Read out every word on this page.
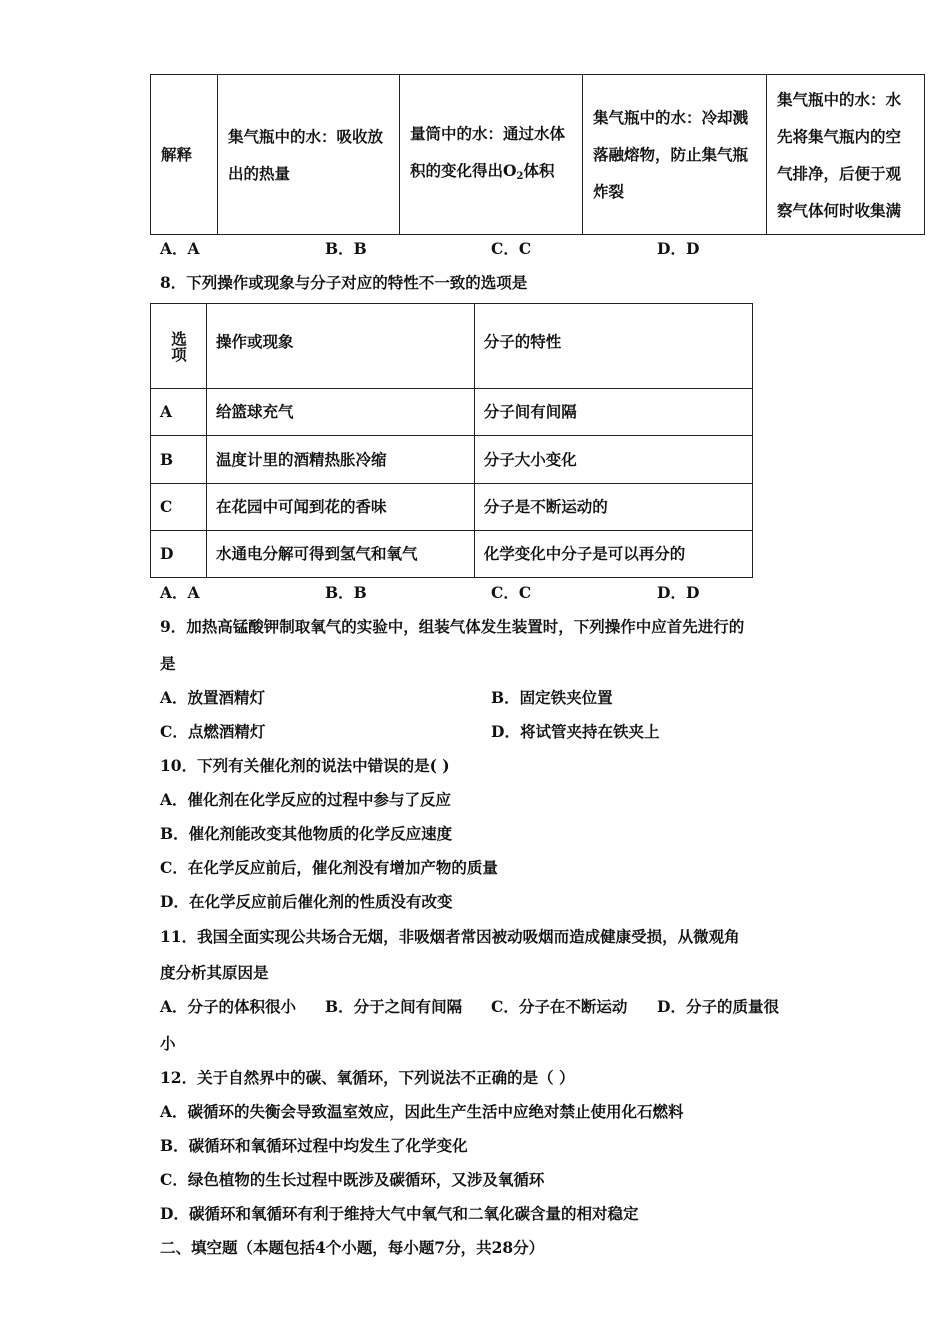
解释	集气瓶中的水：吸收放出的热量	量筒中的水：通过水体积的变化得出$O_2$体积	集气瓶中的水：冷却溅落融熔物，防止集气瓶炸裂	集气瓶中的水：水先将集气瓶内的空气排净，后便于观察气体何时收集满
A．A	B．B	C．C	D．D
8．下列操作或现象与分子对应的特性不一致的选项是
选项	操作或现象	分子的特性
A	给篮球充气	分子间有间隔
B	温度计里的酒精热胀冷缩	分子大小变化
C	在花园中可闻到花的香味	分子是不断运动的
D	水通电分解可得到氢气和氧气	化学变化中分子是可以再分的
A．A	B．B	C．C	D．D
9．加热高锰酸钾制取氧气的实验中，组装气体发生装置时，下列操作中应首先进行的
是
A．放置酒精灯	B．固定铁夹位置
C．点燃酒精灯	D．将试管夹持在铁夹上
10．下列有关催化剂的说法中错误的是( )
A．催化剂在化学反应的过程中参与了反应
B．催化剂能改变其他物质的化学反应速度
C．在化学反应前后，催化剂没有增加产物的质量
D．在化学反应前后催化剂的性质没有改变
11．我国全面实现公共场合无烟，非吸烟者常因被动吸烟而造成健康受损，从微观角
度分析其原因是
A．分子的体积很小 B．分于之间有间隔 C．分子在不断运动 D．分子的质量很
小
12．关于自然界中的碳、氧循环，下列说法不正确的是（ ）
A．碳循环的失衡会导致温室效应，因此生产生活中应绝对禁止使用化石燃料
B．碳循环和氧循环过程中均发生了化学变化
C．绿色植物的生长过程中既涉及碳循环，又涉及氧循环
D．碳循环和氧循环有利于维持大气中氧气和二氧化碳含量的相对稳定
二、填空题（本题包括4个小题，每小题7分，共28分）
